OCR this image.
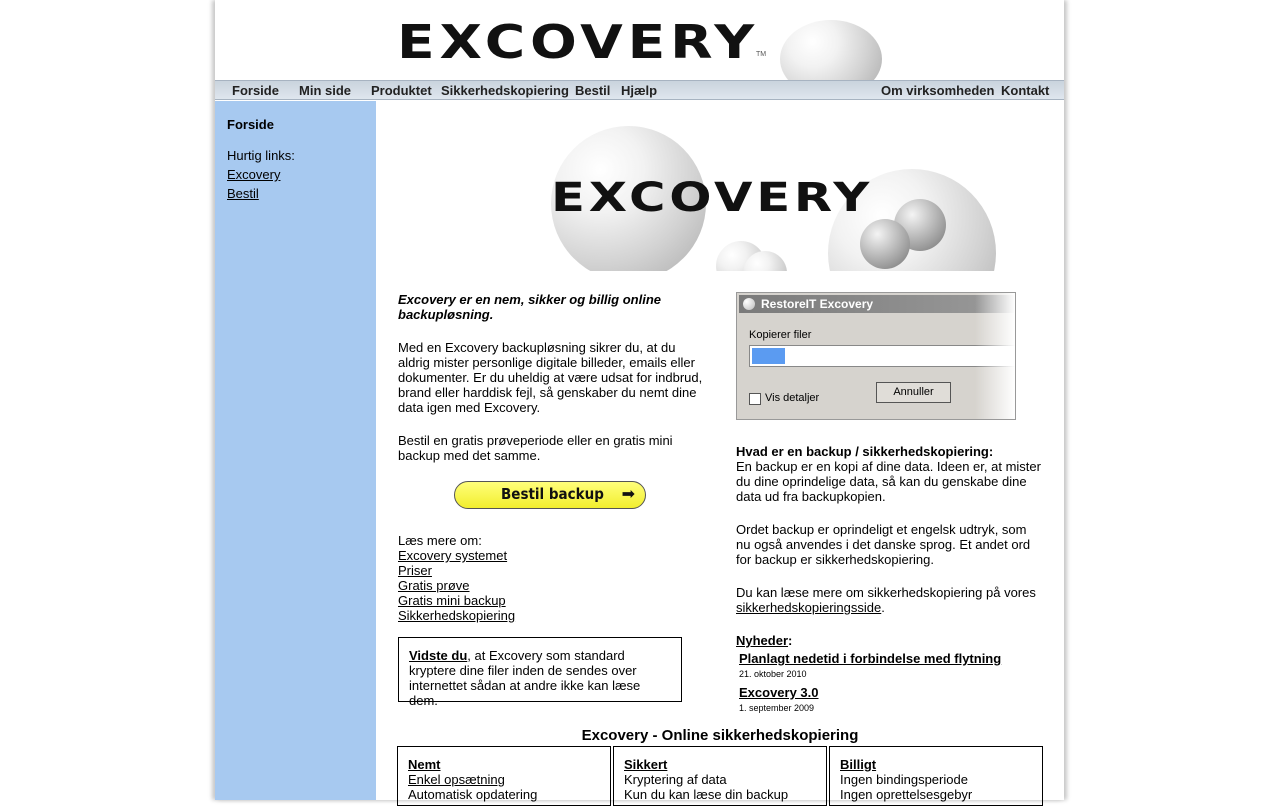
EXCOVERY
TM
Forside Min side Produktet Sikkerhedskopiering Bestil Hjælp	Om virksomheden Kontakt
Forside
Hurtig links:
Excovery
Bestil	EXCOVERY

Excovery er en nem, sikker og billig online backupløsning.

Med en Excovery backupløsning sikrer du, at du aldrig mister personlige digitale billeder, emails eller dokumenter. Er du uheldig at være udsat for indbrud, brand eller harddisk fejl, så genskaber du nemt dine data igen med Excovery.

Bestil en gratis prøveperiode eller en gratis mini backup med det samme.

Bestil backup ➡
Læs mere om:
Excovery systemet
Priser
Gratis prøve
Gratis mini backup
Sikkerhedskopiering
Vidste du, at Excovery som standard kryptere dine filer inden de sendes over internettet sådan at andre ikke kan læse dem.
RestoreIT Excovery
Kopierer filer
Vis detaljer	Annuller
Hvad er en backup / sikkerhedskopiering:

En backup er en kopi af dine data. Ideen er, at mister du dine oprindelige data, så kan du genskabe dine data ud fra backupkopien.

Ordet backup er oprindeligt et engelsk udtryk, som nu også anvendes i det danske sprog. Et andet ord for backup er sikkerhedskopiering.

Du kan læse mere om sikkerhedskopiering på vores sikkerhedskopieringsside.

Nyheder:
Planlagt nedetid i forbindelse med flytning
21. oktober 2010
Excovery 3.0
1. september 2009
Excovery - Online sikkerhedskopiering
Nemt
Enkel opsætning
Automatisk opdatering
Sikkert
Kryptering af data
Kun du kan læse din backup
Billigt
Ingen bindingsperiode
Ingen oprettelsesgebyr
